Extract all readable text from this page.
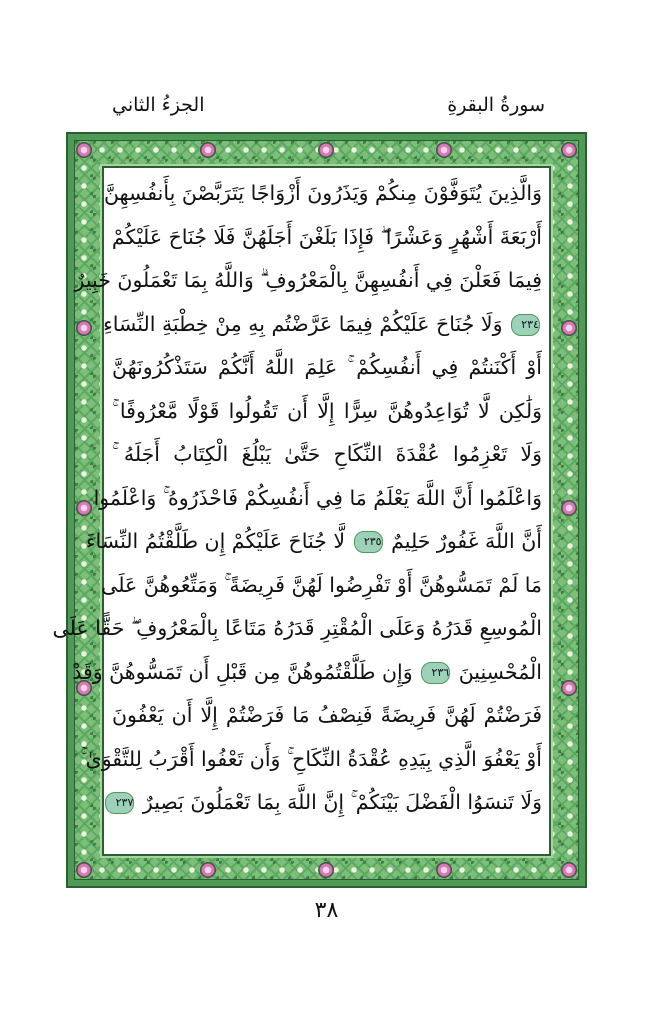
الجزءُ الثاني	سورةُ البقرةِ
وَالَّذِينَ يُتَوَفَّوْنَ مِنكُمْ وَيَذَرُونَ أَزْوَاجًا يَتَرَبَّصْنَ بِأَنفُسِهِنَّ
أَرْبَعَةَ أَشْهُرٍ وَعَشْرًا ۖ فَإِذَا بَلَغْنَ أَجَلَهُنَّ فَلَا جُنَاحَ عَلَيْكُمْ
فِيمَا فَعَلْنَ فِي أَنفُسِهِنَّ بِالْمَعْرُوفِ ۗ وَاللَّهُ بِمَا تَعْمَلُونَ خَبِيرٌ
٢٣٤ وَلَا جُنَاحَ عَلَيْكُمْ فِيمَا عَرَّضْتُم بِهِ مِنْ خِطْبَةِ النِّسَاءِ
أَوْ أَكْنَنتُمْ فِي أَنفُسِكُمْ ۚ عَلِمَ اللَّهُ أَنَّكُمْ سَتَذْكُرُونَهُنَّ
وَلَٰكِن لَّا تُوَاعِدُوهُنَّ سِرًّا إِلَّا أَن تَقُولُوا قَوْلًا مَّعْرُوفًا ۚ
وَلَا تَعْزِمُوا عُقْدَةَ النِّكَاحِ حَتَّىٰ يَبْلُغَ الْكِتَابُ أَجَلَهُ ۚ
وَاعْلَمُوا أَنَّ اللَّهَ يَعْلَمُ مَا فِي أَنفُسِكُمْ فَاحْذَرُوهُ ۚ وَاعْلَمُوا
أَنَّ اللَّهَ غَفُورٌ حَلِيمٌ ٢٣٥ لَّا جُنَاحَ عَلَيْكُمْ إِن طَلَّقْتُمُ النِّسَاءَ
مَا لَمْ تَمَسُّوهُنَّ أَوْ تَفْرِضُوا لَهُنَّ فَرِيضَةً ۚ وَمَتِّعُوهُنَّ عَلَى
الْمُوسِعِ قَدَرُهُ وَعَلَى الْمُقْتِرِ قَدَرُهُ مَتَاعًا بِالْمَعْرُوفِ ۖ حَقًّا عَلَى
الْمُحْسِنِينَ ٢٣٦ وَإِن طَلَّقْتُمُوهُنَّ مِن قَبْلِ أَن تَمَسُّوهُنَّ وَقَدْ
فَرَضْتُمْ لَهُنَّ فَرِيضَةً فَنِصْفُ مَا فَرَضْتُمْ إِلَّا أَن يَعْفُونَ
أَوْ يَعْفُوَ الَّذِي بِيَدِهِ عُقْدَةُ النِّكَاحِ ۚ وَأَن تَعْفُوا أَقْرَبُ لِلتَّقْوَىٰ ۚ
وَلَا تَنسَوُا الْفَضْلَ بَيْنَكُمْ ۚ إِنَّ اللَّهَ بِمَا تَعْمَلُونَ بَصِيرٌ ٢٣٧
٣٨
